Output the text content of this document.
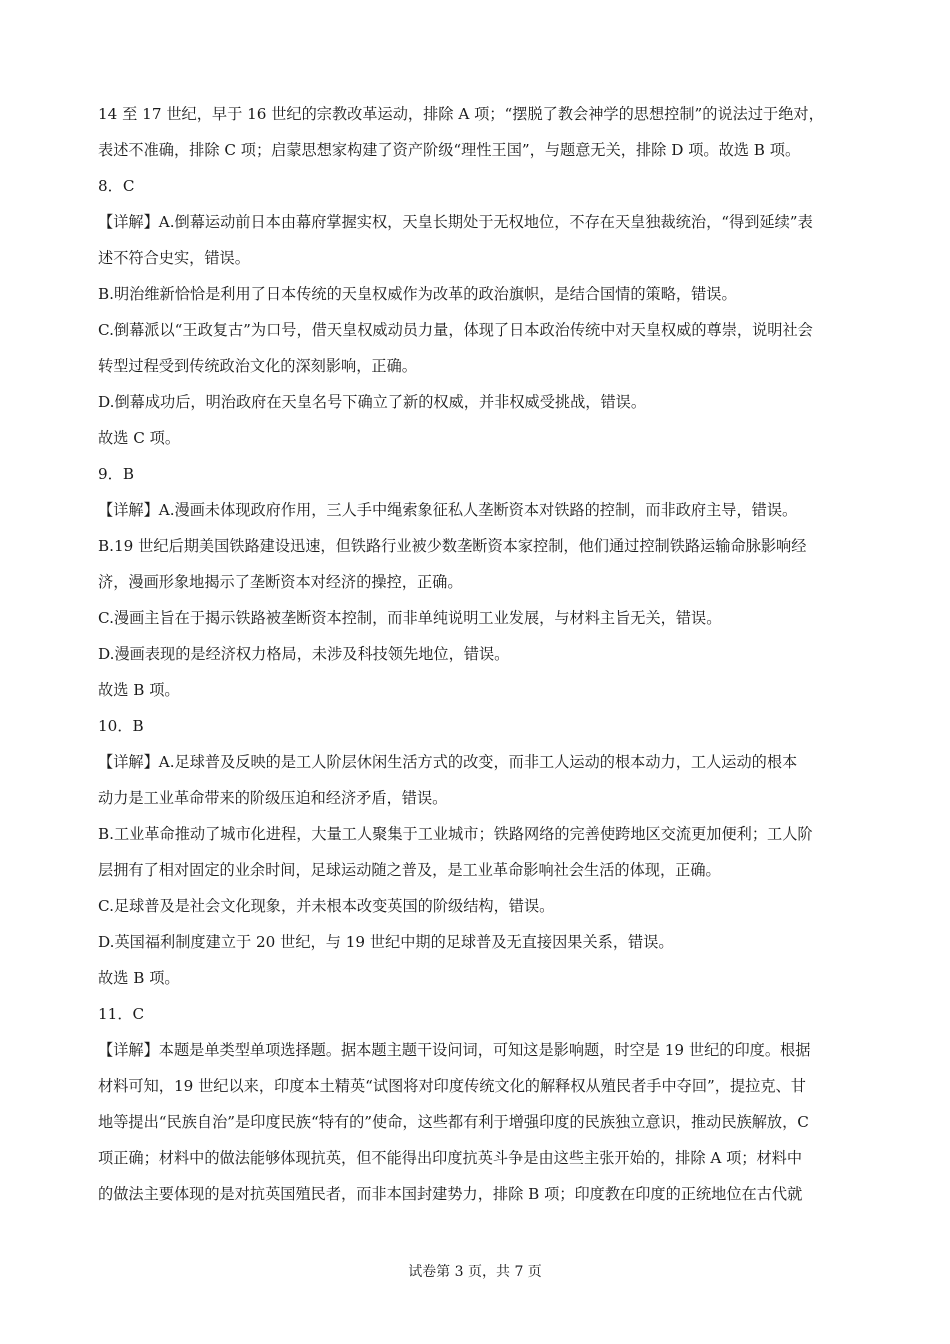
14 至 17 世纪，早于 16 世纪的宗教改革运动，排除 A 项；“摆脱了教会神学的思想控制”的说法过于绝对，
表述不准确，排除 C 项；启蒙思想家构建了资产阶级“理性王国”，与题意无关，排除 D 项。故选 B 项。
8．C
【详解】A.倒幕运动前日本由幕府掌握实权，天皇长期处于无权地位，不存在天皇独裁统治，“得到延续”表
述不符合史实，错误。
B.明治维新恰恰是利用了日本传统的天皇权威作为改革的政治旗帜，是结合国情的策略，错误。
C.倒幕派以“王政复古”为口号，借天皇权威动员力量，体现了日本政治传统中对天皇权威的尊崇，说明社会
转型过程受到传统政治文化的深刻影响，正确。
D.倒幕成功后，明治政府在天皇名号下确立了新的权威，并非权威受挑战，错误。
故选 C 项。
9．B
【详解】A.漫画未体现政府作用，三人手中绳索象征私人垄断资本对铁路的控制，而非政府主导，错误。
B.19 世纪后期美国铁路建设迅速，但铁路行业被少数垄断资本家控制，他们通过控制铁路运输命脉影响经
济，漫画形象地揭示了垄断资本对经济的操控，正确。
C.漫画主旨在于揭示铁路被垄断资本控制，而非单纯说明工业发展，与材料主旨无关，错误。
D.漫画表现的是经济权力格局，未涉及科技领先地位，错误。
故选 B 项。
10．B
【详解】A.足球普及反映的是工人阶层休闲生活方式的改变，而非工人运动的根本动力，工人运动的根本
动力是工业革命带来的阶级压迫和经济矛盾，错误。
B.工业革命推动了城市化进程，大量工人聚集于工业城市；铁路网络的完善使跨地区交流更加便利；工人阶
层拥有了相对固定的业余时间，足球运动随之普及，是工业革命影响社会生活的体现，正确。
C.足球普及是社会文化现象，并未根本改变英国的阶级结构，错误。
D.英国福利制度建立于 20 世纪，与 19 世纪中期的足球普及无直接因果关系，错误。
故选 B 项。
11．C
【详解】本题是单类型单项选择题。据本题主题干设问词，可知这是影响题，时空是 19 世纪的印度。根据
材料可知，19 世纪以来，印度本土精英“试图将对印度传统文化的解释权从殖民者手中夺回”，提拉克、甘
地等提出“民族自治”是印度民族“特有的”使命，这些都有利于增强印度的民族独立意识，推动民族解放，C
项正确；材料中的做法能够体现抗英，但不能得出印度抗英斗争是由这些主张开始的，排除 A 项；材料中
的做法主要体现的是对抗英国殖民者，而非本国封建势力，排除 B 项；印度教在印度的正统地位在古代就
试卷第 3 页，共 7 页
